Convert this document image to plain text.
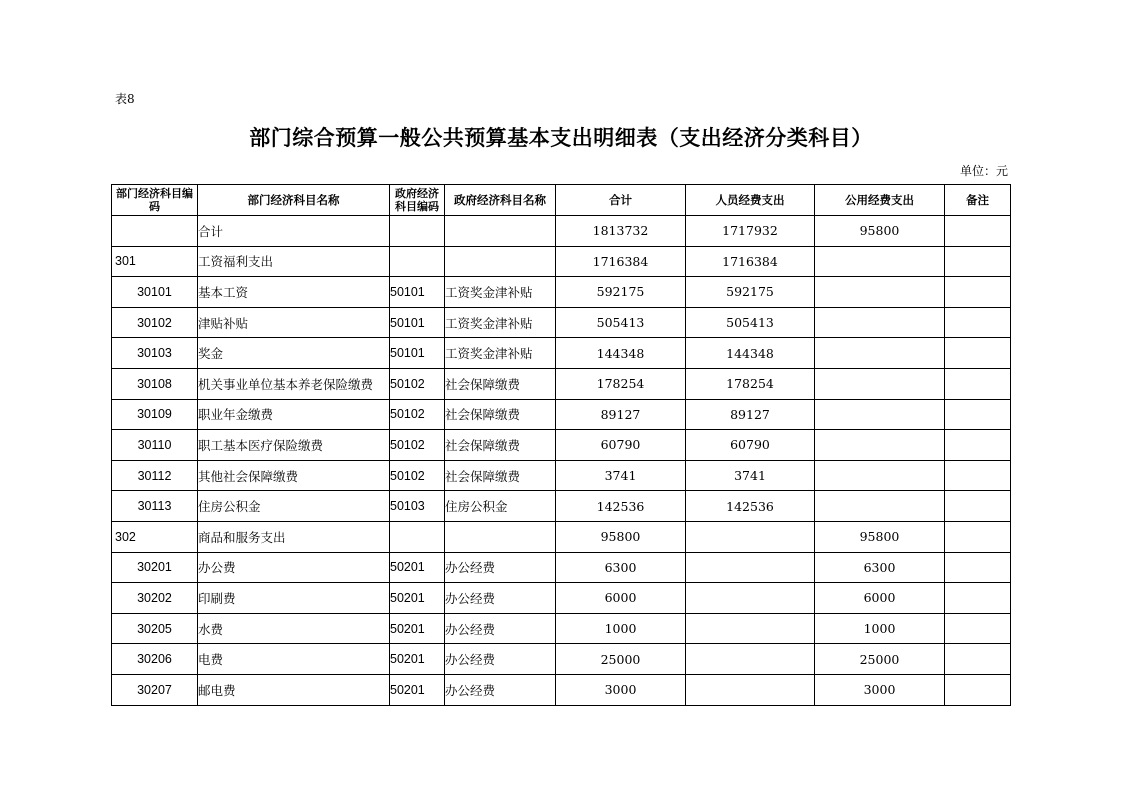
表8
部门综合预算一般公共预算基本支出明细表（支出经济分类科目）
单位：元
部门经济科目编码	部门经济科目名称	政府经济科目编码	政府经济科目名称	合计	人员经费支出	公用经费支出	备注
	合计			1813732	1717932	95800	
301	工资福利支出			1716384	1716384		
30101	基本工资	50101	工资奖金津补贴	592175	592175		
30102	津贴补贴	50101	工资奖金津补贴	505413	505413		
30103	奖金	50101	工资奖金津补贴	144348	144348		
30108	机关事业单位基本养老保险缴费	50102	社会保障缴费	178254	178254		
30109	职业年金缴费	50102	社会保障缴费	89127	89127		
30110	职工基本医疗保险缴费	50102	社会保障缴费	60790	60790		
30112	其他社会保障缴费	50102	社会保障缴费	3741	3741		
30113	住房公积金	50103	住房公积金	142536	142536		
302	商品和服务支出			95800		95800	
30201	办公费	50201	办公经费	6300		6300	
30202	印刷费	50201	办公经费	6000		6000	
30205	水费	50201	办公经费	1000		1000	
30206	电费	50201	办公经费	25000		25000	
30207	邮电费	50201	办公经费	3000		3000	
